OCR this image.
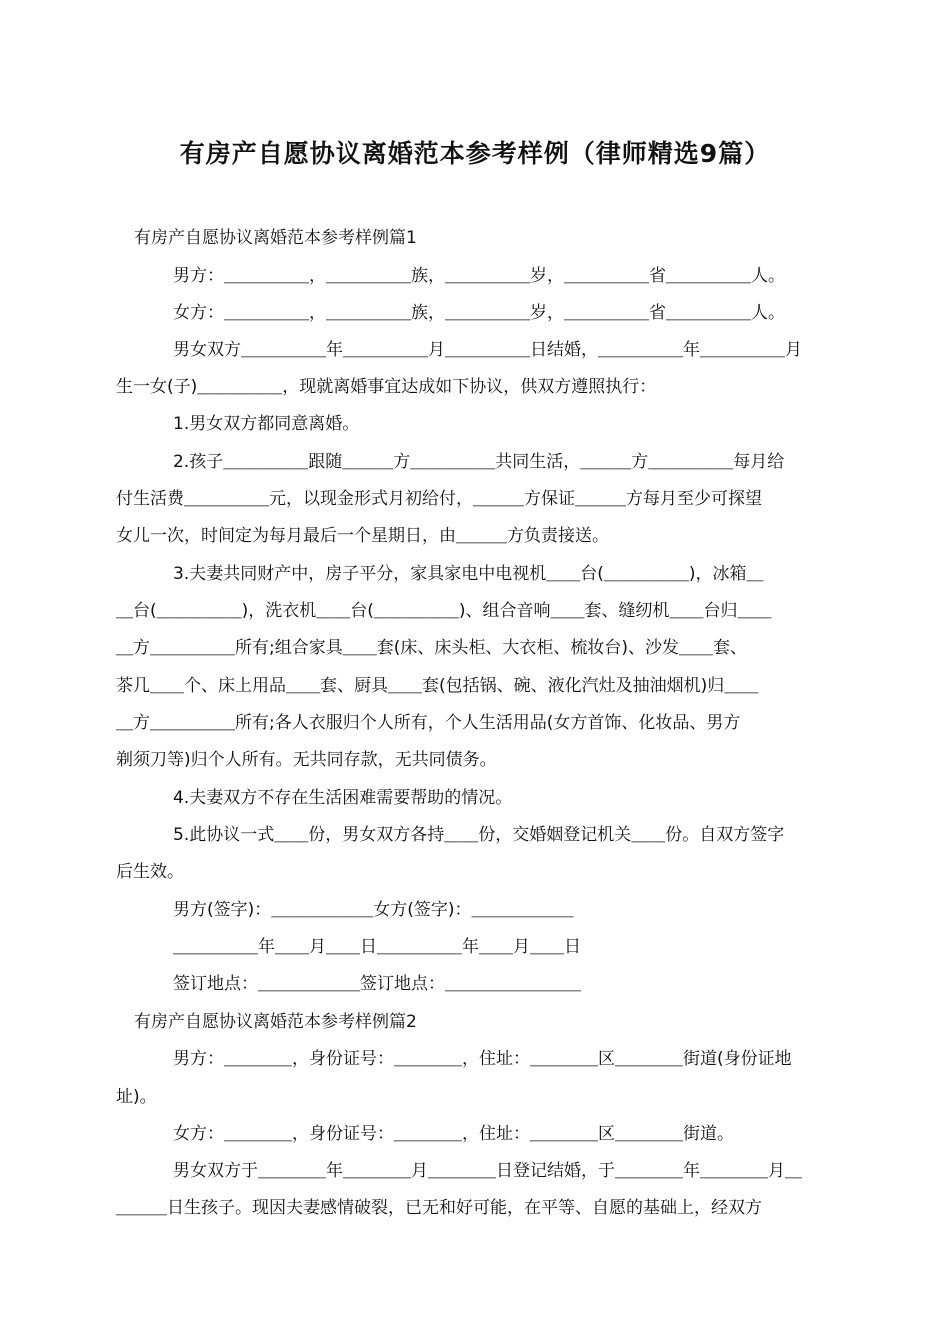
有房产自愿协议离婚范本参考样例（律师精选9篇）
有房产自愿协议离婚范本参考样例篇1
男方：＿＿＿＿＿，＿＿＿＿＿族，＿＿＿＿＿岁，＿＿＿＿＿省＿＿＿＿＿人。
女方：＿＿＿＿＿，＿＿＿＿＿族，＿＿＿＿＿岁，＿＿＿＿＿省＿＿＿＿＿人。
男女双方＿＿＿＿＿年＿＿＿＿＿月＿＿＿＿＿日结婚，＿＿＿＿＿年＿＿＿＿＿月
生一女(子)＿＿＿＿＿，现就离婚事宜达成如下协议，供双方遵照执行：
1.男女双方都同意离婚。
2.孩子＿＿＿＿＿跟随＿＿＿方＿＿＿＿＿共同生活，＿＿＿方＿＿＿＿＿每月给
付生活费＿＿＿＿＿元，以现金形式月初给付，＿＿＿方保证＿＿＿方每月至少可探望
女儿一次，时间定为每月最后一个星期日，由＿＿＿方负责接送。
3.夫妻共同财产中，房子平分，家具家电中电视机＿＿台(＿＿＿＿＿)，冰箱＿
＿台(＿＿＿＿＿)，洗衣机＿＿台(＿＿＿＿＿)、组合音响＿＿套、缝纫机＿＿台归＿＿
＿方＿＿＿＿＿所有;组合家具＿＿套(床、床头柜、大衣柜、梳妆台)、沙发＿＿套、
茶几＿＿个、床上用品＿＿套、厨具＿＿套(包括锅、碗、液化汽灶及抽油烟机)归＿＿
＿方＿＿＿＿＿所有;各人衣服归个人所有，个人生活用品(女方首饰、化妆品、男方
剃须刀等)归个人所有。无共同存款，无共同债务。
4.夫妻双方不存在生活困难需要帮助的情况。
5.此协议一式＿＿份，男女双方各持＿＿份，交婚姻登记机关＿＿份。自双方签字
后生效。
男方(签字)：＿＿＿＿＿＿女方(签字)：＿＿＿＿＿＿
＿＿＿＿＿年＿＿月＿＿日＿＿＿＿＿年＿＿月＿＿日
签订地点：＿＿＿＿＿＿签订地点：＿＿＿＿＿＿＿＿
有房产自愿协议离婚范本参考样例篇2
男方：＿＿＿＿，身份证号：＿＿＿＿，住址：＿＿＿＿区＿＿＿＿街道(身份证地
址)。
女方：＿＿＿＿，身份证号：＿＿＿＿，住址：＿＿＿＿区＿＿＿＿街道。
男女双方于＿＿＿＿年＿＿＿＿月＿＿＿＿日登记结婚，于＿＿＿＿年＿＿＿＿月＿
＿＿＿日生孩子。现因夫妻感情破裂，已无和好可能，在平等、自愿的基础上，经双方
